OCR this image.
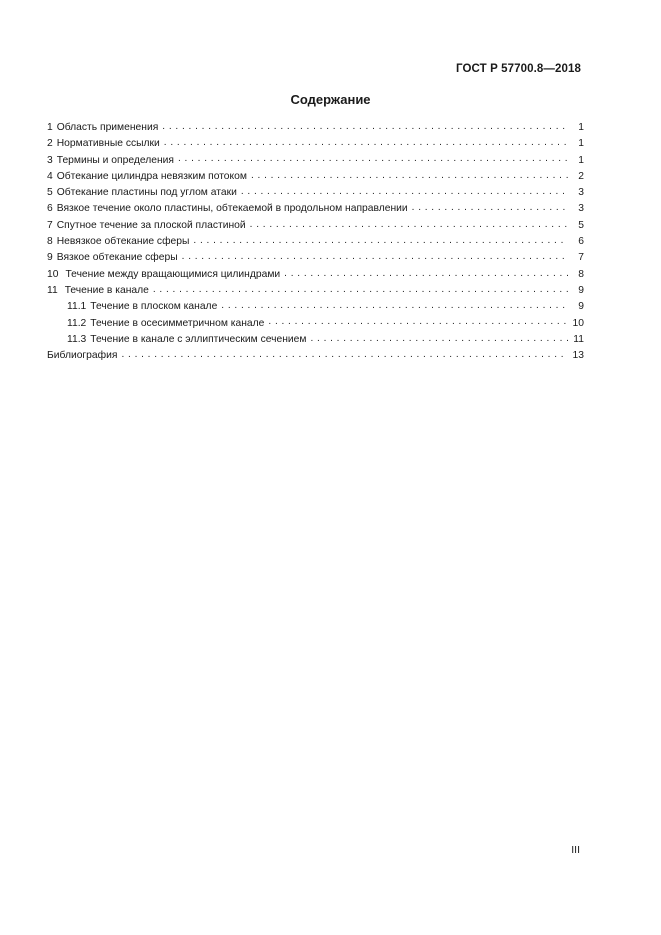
ГОСТ Р 57700.8—2018
Содержание
1 Область применения . . .	1
2 Нормативные ссылки . . .	1
3 Термины и определения . . .	1
4 Обтекание цилиндра невязким потоком . . .	2
5 Обтекание пластины под углом атаки . . .	3
6 Вязкое течение около пластины, обтекаемой в продольном направлении . . .	3
7 Спутное течение за плоской пластиной . . .	5
8 Невязкое обтекание сферы . . .	6
9 Вязкое обтекание сферы . . .	7
10 Течение между вращающимися цилиндрами . . .	8
11 Течение в канале . . .	9
11.1 Течение в плоском канале . . .	9
11.2 Течение в осесимметричном канале . . .	10
11.3 Течение в канале с эллиптическим сечением . . .	11
Библиография . . .	13
III
